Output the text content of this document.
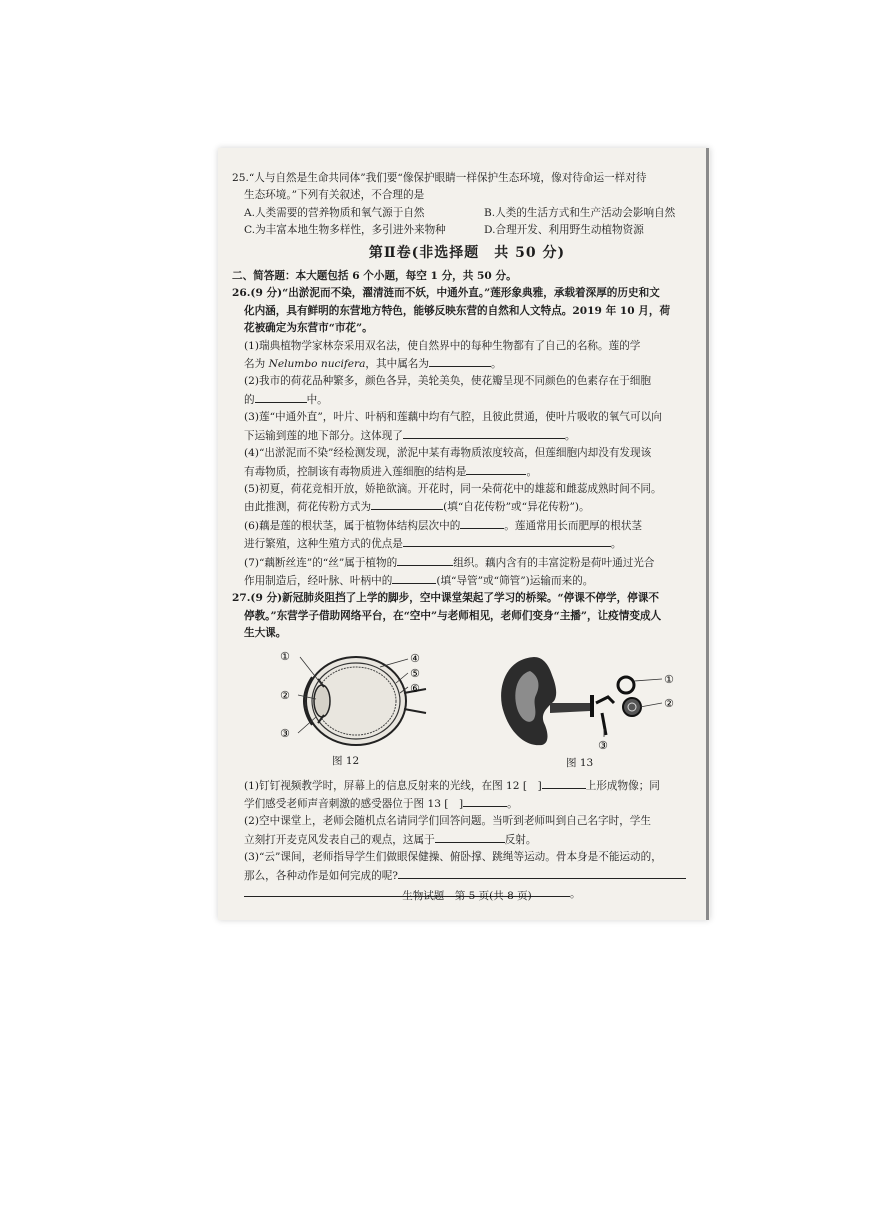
25.“人与自然是生命共同体”我们要“像保护眼睛一样保护生态环境，像对待命运一样对待
生态环境。”下列有关叙述，不合理的是
A.人类需要的营养物质和氧气源于自然	B.人类的生活方式和生产活动会影响自然
C.为丰富本地生物多样性，多引进外来物种	D.合理开发、利用野生动植物资源
第Ⅱ卷(非选择题　共 50 分)
二、简答题：本大题包括 6 个小题，每空 1 分，共 50 分。
26.(9 分)“出淤泥而不染，濯清涟而不妖，中通外直。”莲形象典雅，承载着深厚的历史和文
化内涵，具有鲜明的东营地方特色，能够反映东营的自然和人文特点。2019 年 10 月，荷
花被确定为东营市“市花”。
(1)瑞典植物学家林奈采用双名法，使自然界中的每种生物都有了自己的名称。莲的学
名为 Nelumbo nucifera，其中属名为	。
(2)我市的荷花品种繁多，颜色各异，美轮美奂，使花瓣呈现不同颜色的色素存在于细胞
的	中。
(3)莲“中通外直”，叶片、叶柄和莲藕中均有气腔，且彼此贯通，使叶片吸收的氧气可以向
下运输到莲的地下部分。这体现了	。
(4)“出淤泥而不染”经检测发现，淤泥中某有毒物质浓度较高，但莲细胞内却没有发现该
有毒物质，控制该有毒物质进入莲细胞的结构是	。
(5)初夏，荷花竞相开放，娇艳欲滴。开花时，同一朵荷花中的雄蕊和雌蕊成熟时间不同。
由此推测，荷花传粉方式为	(填“自花传粉”或“异花传粉”)。
(6)藕是莲的根状茎，属于植物体结构层次中的	。莲通常用长而肥厚的根状茎
进行繁殖，这种生殖方式的优点是	。
(7)“藕断丝连”的“丝”属于植物的	组织。藕内含有的丰富淀粉是荷叶通过光合
作用制造后，经叶脉、叶柄中的	(填“导管”或“筛管”)运输而来的。
27.(9 分)新冠肺炎阻挡了上学的脚步，空中课堂架起了学习的桥梁。“停课不停学，停课不
停教。”东营学子借助网络平台，在“空中”与老师相见，老师们变身“主播”，让疫情变成人
生大课。
①
②
③
④
⑤
⑥
图 12
①
②
③
图 13
(1)钉钉视频教学时，屏幕上的信息反射来的光线，在图 12 [　]	上形成物像；同
学们感受老师声音刺激的感受器位于图 13 [　]	。
(2)空中课堂上，老师会随机点名请同学们回答问题。当听到老师叫到自己名字时，学生
立刻打开麦克风发表自己的观点，这属于	反射。
(3)“云”课间，老师指导学生们做眼保健操、俯卧撑、跳绳等运动。骨本身是不能运动的，
那么，各种动作是如何完成的呢?
。
生物试题　第 5 页(共 8 页)
